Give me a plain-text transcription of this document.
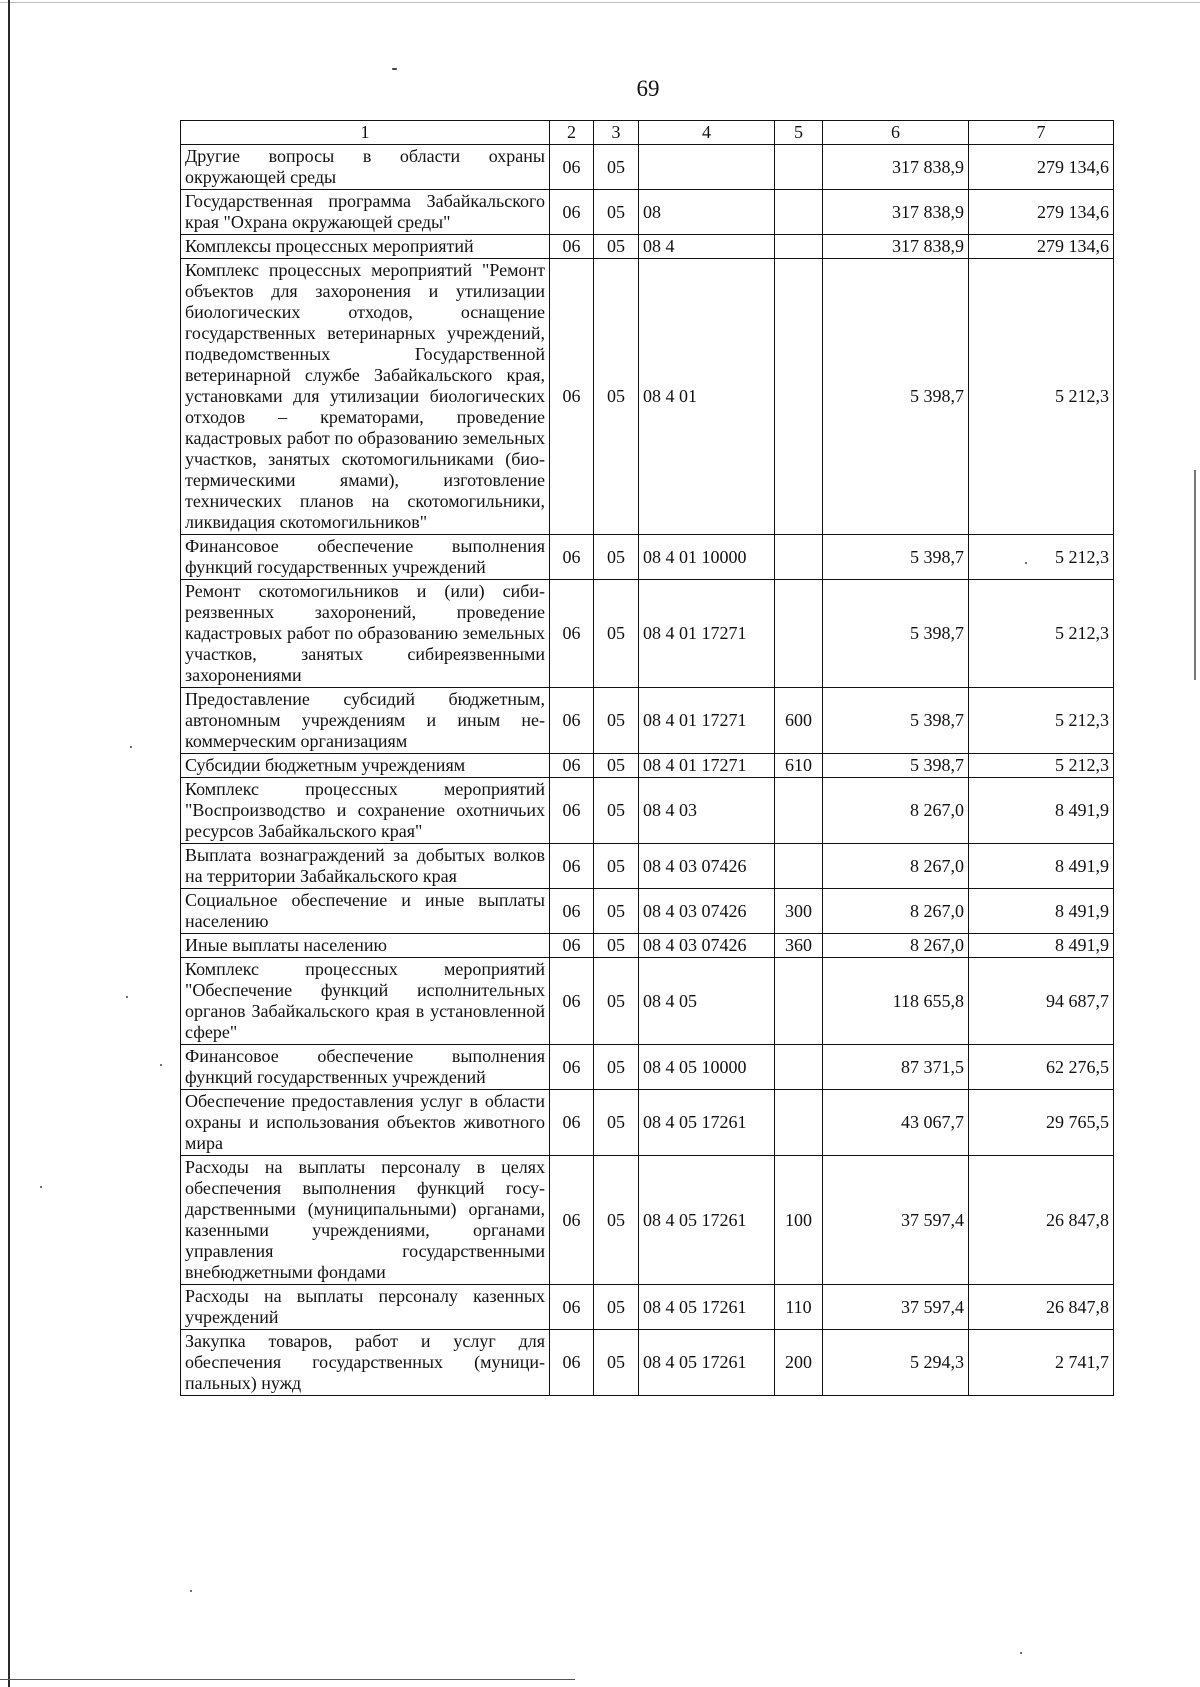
69
1	2	3	4	5	6	7
Другие вопросы в области охраны окружающей среды	06	05			317 838,9	279 134,6
Государственная программа Забайкальского края "Охрана окружающей среды"	06	05	08		317 838,9	279 134,6
Комплексы процессных мероприятий	06	05	08 4		317 838,9	279 134,6
Комплекс процессных мероприятий "Ремонт объектов для захоронения и утилизации биологических отходов, оснащение государственных ветеринарных учреждений, подведомственных Государственной ветеринарной службе Забайкальского края, установками для утилизации биологических отходов – крематорами, проведение кадастровых работ по образованию земельных участков, занятых скотомогильниками (биотермическими ямами), изготовление технических планов на скотомогильники, ликвидация скотомогильников"	06	05	08 4 01		5 398,7	5 212,3
Финансовое обеспечение выполнения функций государственных учреждений	06	05	08 4 01 10000		5 398,7	5 212,3
Ремонт скотомогильников и (или) сибиреязвенных захоронений, проведение кадастровых работ по образованию земельных участков, занятых сибиреязвенными захоронениями	06	05	08 4 01 17271		5 398,7	5 212,3
Предоставление субсидий бюджетным, автономным учреждениям и иным некоммерческим организациям	06	05	08 4 01 17271	600	5 398,7	5 212,3
Субсидии бюджетным учреждениям	06	05	08 4 01 17271	610	5 398,7	5 212,3
Комплекс процессных мероприятий "Воспроизводство и сохранение охотничьих ресурсов Забайкальского края"	06	05	08 4 03		8 267,0	8 491,9
Выплата вознаграждений за добытых волков на территории Забайкальского края	06	05	08 4 03 07426		8 267,0	8 491,9
Социальное обеспечение и иные выплаты населению	06	05	08 4 03 07426	300	8 267,0	8 491,9
Иные выплаты населению	06	05	08 4 03 07426	360	8 267,0	8 491,9
Комплекс процессных мероприятий "Обеспечение функций исполнительных органов Забайкальского края в установленной сфере"	06	05	08 4 05		118 655,8	94 687,7
Финансовое обеспечение выполнения функций государственных учреждений	06	05	08 4 05 10000		87 371,5	62 276,5
Обеспечение предоставления услуг в области охраны и использования объектов животного мира	06	05	08 4 05 17261		43 067,7	29 765,5
Расходы на выплаты персоналу в целях обеспечения выполнения функций государственными (муниципальными) органами, казенными учреждениями, органами управления государственными внебюджетными фондами	06	05	08 4 05 17261	100	37 597,4	26 847,8
Расходы на выплаты персоналу казенных учреждений	06	05	08 4 05 17261	110	37 597,4	26 847,8
Закупка товаров, работ и услуг для обеспечения государственных (муниципальных) нужд	06	05	08 4 05 17261	200	5 294,3	2 741,7
